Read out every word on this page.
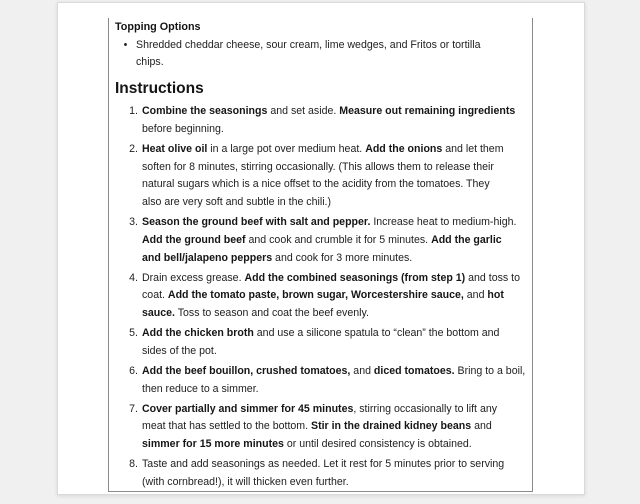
Topping Options
• Shredded cheddar cheese, sour cream, lime wedges, and Fritos or tortilla
chips.
Instructions
1. Combine the seasonings and set aside. Measure out remaining ingredients
before beginning.
2. Heat olive oil in a large pot over medium heat. Add the onions and let them
soften for 8 minutes, stirring occasionally. (This allows them to release their
natural sugars which is a nice offset to the acidity from the tomatoes. They
also are very soft and subtle in the chili.)
3. Season the ground beef with salt and pepper. Increase heat to medium-high.
Add the ground beef and cook and crumble it for 5 minutes. Add the garlic
and bell/jalapeno peppers and cook for 3 more minutes.
4. Drain excess grease. Add the combined seasonings (from step 1) and toss to
coat. Add the tomato paste, brown sugar, Worcestershire sauce, and hot
sauce. Toss to season and coat the beef evenly.
5. Add the chicken broth and use a silicone spatula to “clean” the bottom and
sides of the pot.
6. Add the beef bouillon, crushed tomatoes, and diced tomatoes. Bring to a boil,
then reduce to a simmer.
7. Cover partially and simmer for 45 minutes, stirring occasionally to lift any
meat that has settled to the bottom. Stir in the drained kidney beans and
simmer for 15 more minutes or until desired consistency is obtained.
8. Taste and add seasonings as needed. Let it rest for 5 minutes prior to serving
(with cornbread!), it will thicken even further.
